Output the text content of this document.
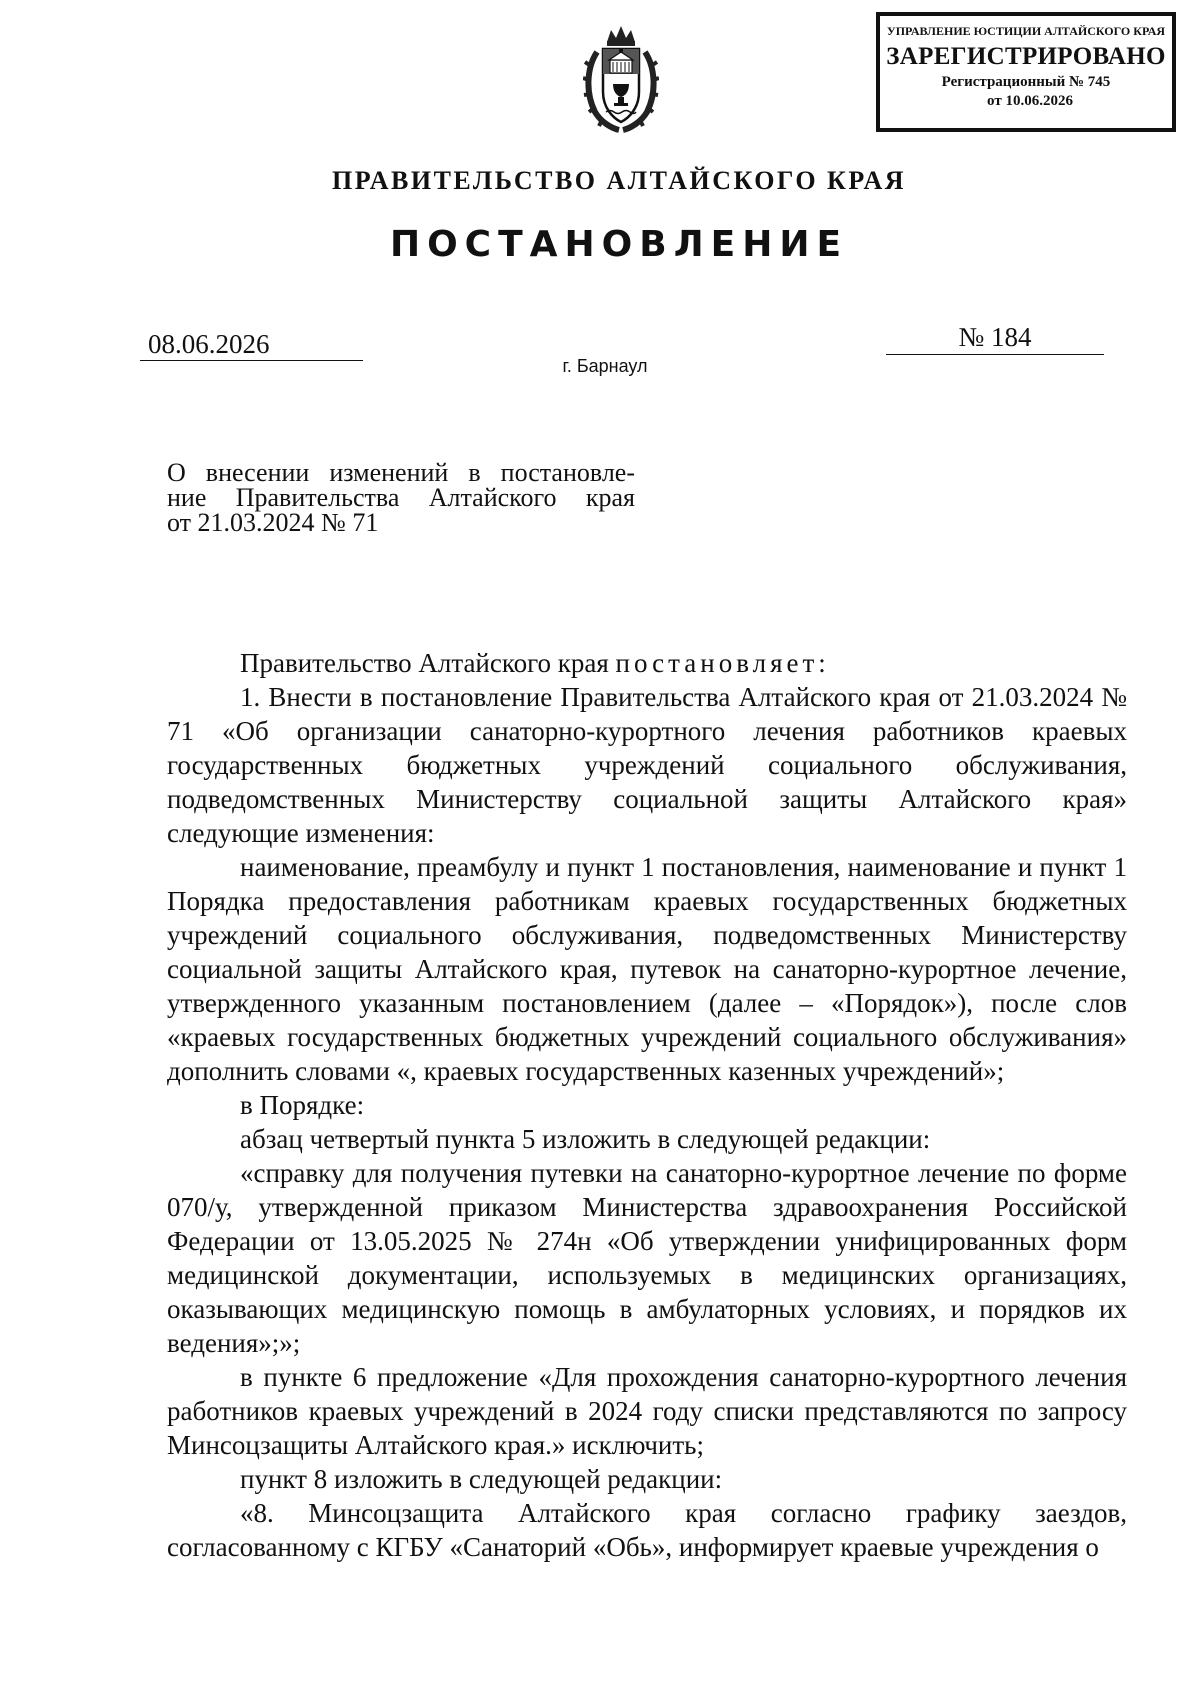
УПРАВЛЕНИЕ ЮСТИЦИИ АЛТАЙСКОГО КРАЯ
ЗАРЕГИСТРИРОВАНО
Регистрационный № 745
от 10.06.2026
ПРАВИТЕЛЬСТВО АЛТАЙСКОГО КРАЯ
ПОСТАНОВЛЕНИЕ
08.06.2026	№ 184
г. Барнаул
О внесении изменений в постановле-
ние Правительства Алтайского края
от 21.03.2024 № 71

Правительство Алтайского края постановляет:

1. Внести в постановление Правительства Алтайского края от 21.03.2024 № 71 «Об организации санаторно-курортного лечения работников краевых государственных бюджетных учреждений социального обслуживания, подведомственных Министерству социальной защиты Алтайского края» следующие изменения:

наименование, преамбулу и пункт 1 постановления, наименование и пункт 1 Порядка предоставления работникам краевых государственных бюджетных учреждений социального обслуживания, подведомственных Министерству социальной защиты Алтайского края, путевок на санаторно-курортное лечение, утвержденного указанным постановлением (далее – «Порядок»), после слов «краевых государственных бюджетных учреждений социального обслуживания» дополнить словами «, краевых государственных казенных учреждений»;

в Порядке:

абзац четвертый пункта 5 изложить в следующей редакции:

«справку для получения путевки на санаторно-курортное лечение по форме 070/у, утвержденной приказом Министерства здравоохранения Российской Федерации от 13.05.2025 № 274н «Об утверждении унифицированных форм медицинской документации, используемых в медицинских организациях, оказывающих медицинскую помощь в амбулаторных условиях, и порядков их ведения»;»;

в пункте 6 предложение «Для прохождения санаторно-курортного лечения работников краевых учреждений в 2024 году списки представляются по запросу Минсоцзащиты Алтайского края.» исключить;

пункт 8 изложить в следующей редакции:

«8. Минсоцзащита Алтайского края согласно графику заездов, согласованному с КГБУ «Санаторий «Обь», информирует краевые учреждения о
